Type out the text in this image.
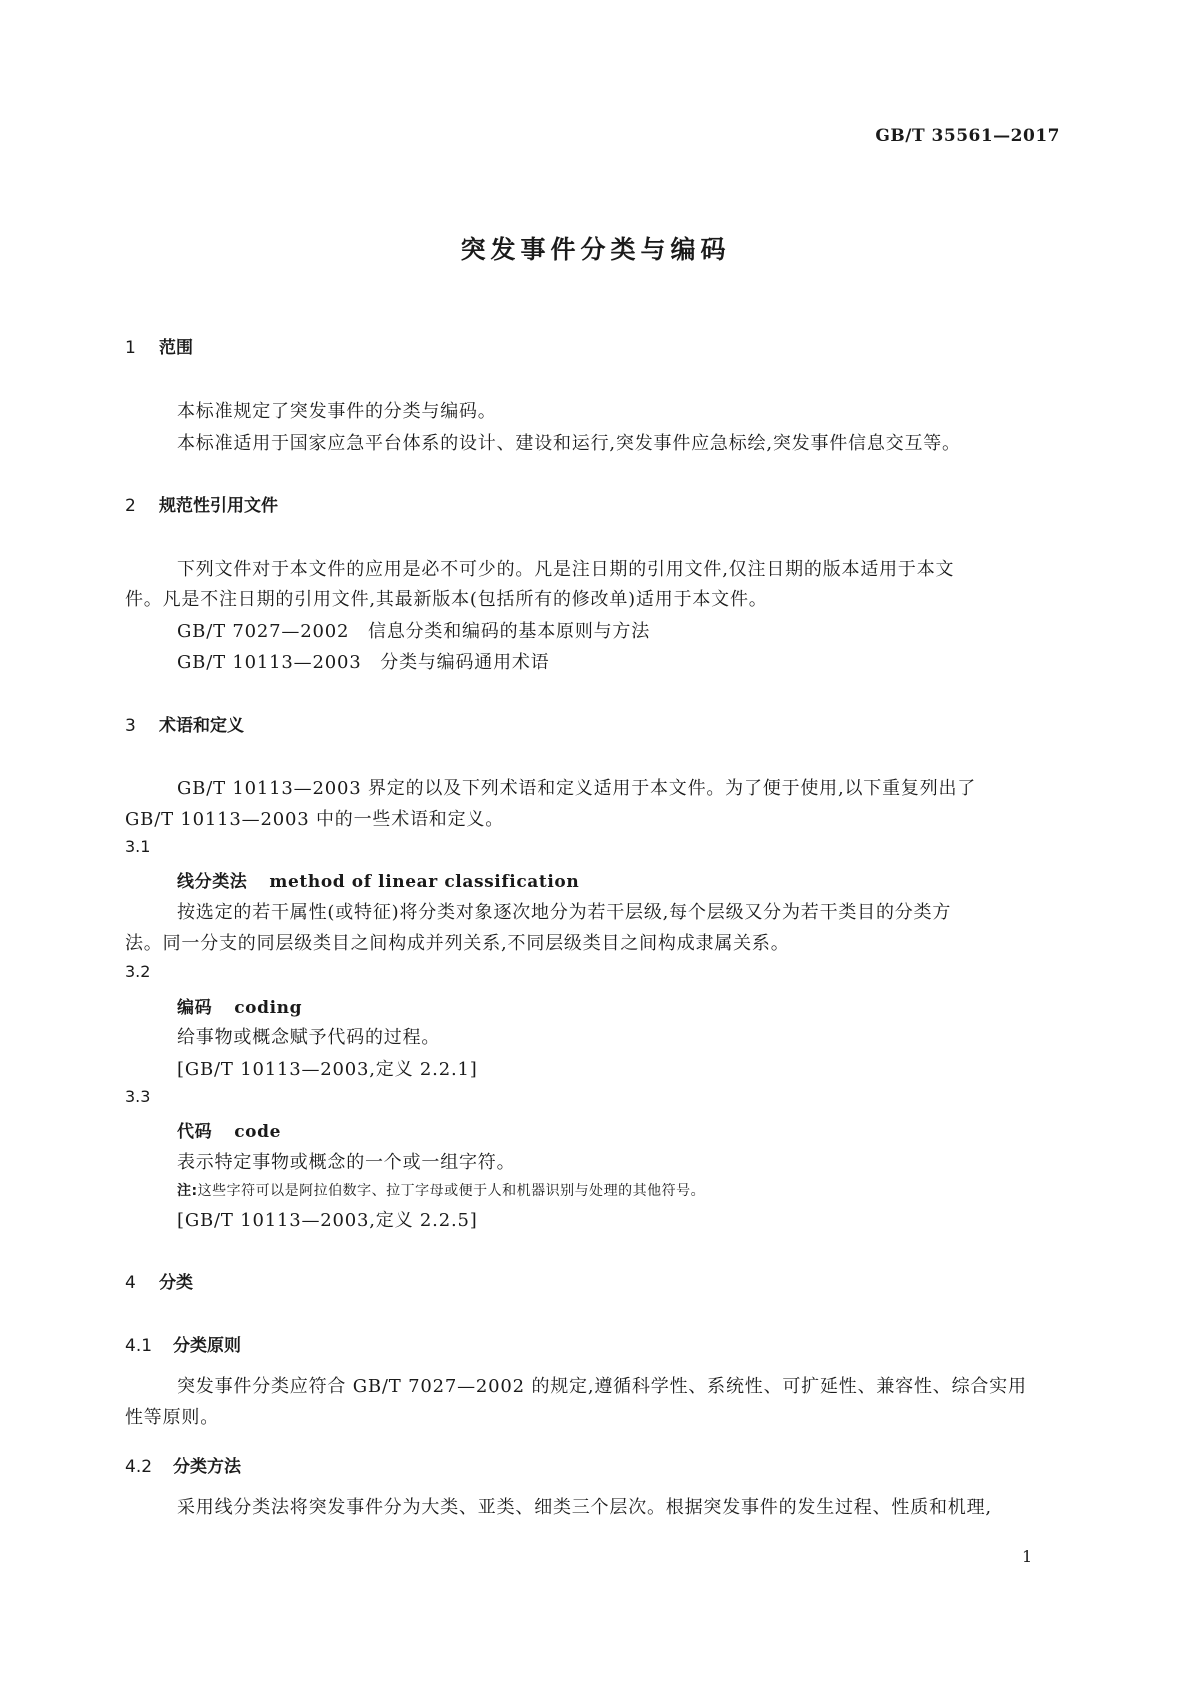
GB/T 35561—2017
突发事件分类与编码
1 范围
本标准规定了突发事件的分类与编码。
本标准适用于国家应急平台体系的设计、建设和运行,突发事件应急标绘,突发事件信息交互等。
2 规范性引用文件
下列文件对于本文件的应用是必不可少的。凡是注日期的引用文件,仅注日期的版本适用于本文
件。凡是不注日期的引用文件,其最新版本(包括所有的修改单)适用于本文件。
GB/T 7027—2002　信息分类和编码的基本原则与方法
GB/T 10113—2003　分类与编码通用术语
3 术语和定义
GB/T 10113—2003 界定的以及下列术语和定义适用于本文件。为了便于使用,以下重复列出了
GB/T 10113—2003 中的一些术语和定义。
3.1
线分类法 method of linear classification
按选定的若干属性(或特征)将分类对象逐次地分为若干层级,每个层级又分为若干类目的分类方
法。同一分支的同层级类目之间构成并列关系,不同层级类目之间构成隶属关系。
3.2
编码 coding
给事物或概念赋予代码的过程。
[GB/T 10113—2003,定义 2.2.1]
3.3
代码 code
表示特定事物或概念的一个或一组字符。
注:这些字符可以是阿拉伯数字、拉丁字母或便于人和机器识别与处理的其他符号。
[GB/T 10113—2003,定义 2.2.5]
4 分类
4.1 分类原则
突发事件分类应符合 GB/T 7027—2002 的规定,遵循科学性、系统性、可扩延性、兼容性、综合实用
性等原则。
4.2 分类方法
采用线分类法将突发事件分为大类、亚类、细类三个层次。根据突发事件的发生过程、性质和机理,
1
